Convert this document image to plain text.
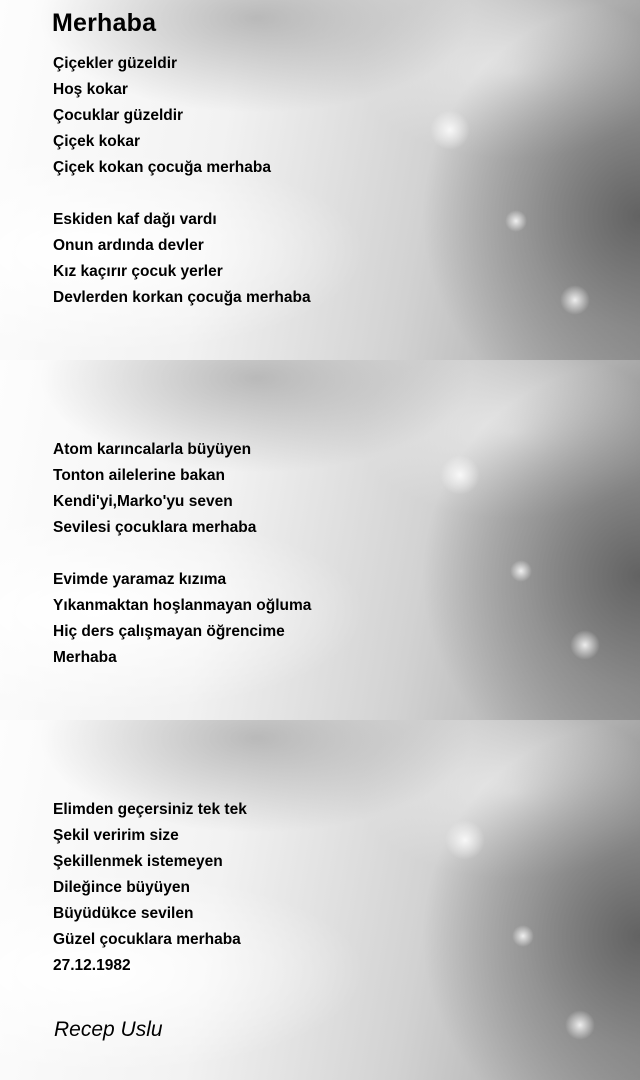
Merhaba
Çiçekler güzeldir
Hoş kokar
Çocuklar güzeldir
Çiçek kokar
Çiçek kokan çocuğa merhaba
Eskiden kaf dağı vardı
Onun ardında devler
Kız kaçırır çocuk yerler
Devlerden korkan çocuğa merhaba
Atom karıncalarla büyüyen
Tonton ailelerine bakan
Kendi'yi,Marko'yu seven
Sevilesi çocuklara merhaba
Evimde yaramaz kızıma
Yıkanmaktan hoşlanmayan oğluma
Hiç ders çalışmayan öğrencime
Merhaba
Elimden geçersiniz tek tek
Şekil veririm size
Şekillenmek istemeyen
Dileğince büyüyen
Büyüdükce sevilen
Güzel çocuklara merhaba
27.12.1982
Recep Uslu
